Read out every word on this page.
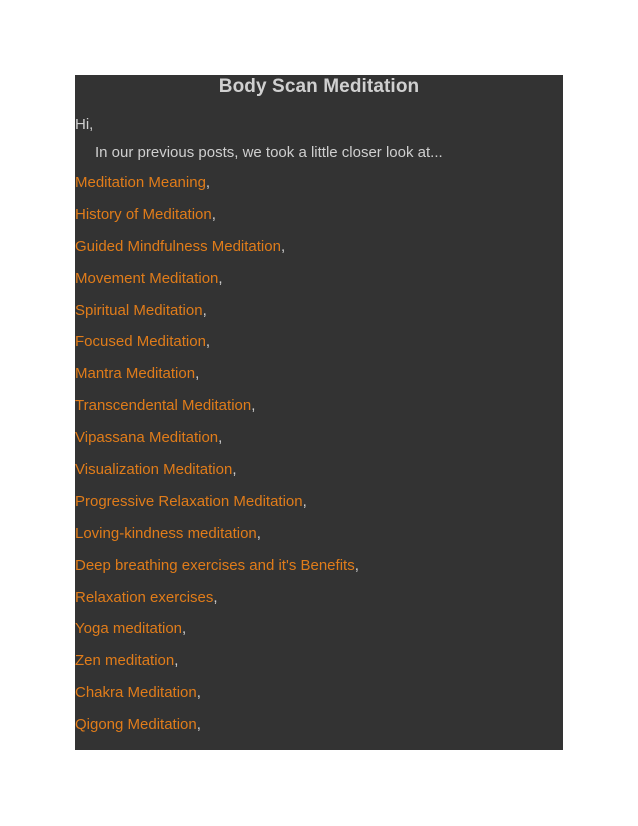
Body Scan Meditation

Hi,

In our previous posts, we took a little closer look at...

Meditation Meaning,
History of Meditation,
Guided Mindfulness Meditation,
Movement Meditation,
Spiritual Meditation,
Focused Meditation,
Mantra Meditation,
Transcendental Meditation,
Vipassana Meditation,
Visualization Meditation,
Progressive Relaxation Meditation,
Loving-kindness meditation,
Deep breathing exercises and it's Benefits,
Relaxation exercises,
Yoga meditation,
Zen meditation,
Chakra Meditation,
Qigong Meditation,
